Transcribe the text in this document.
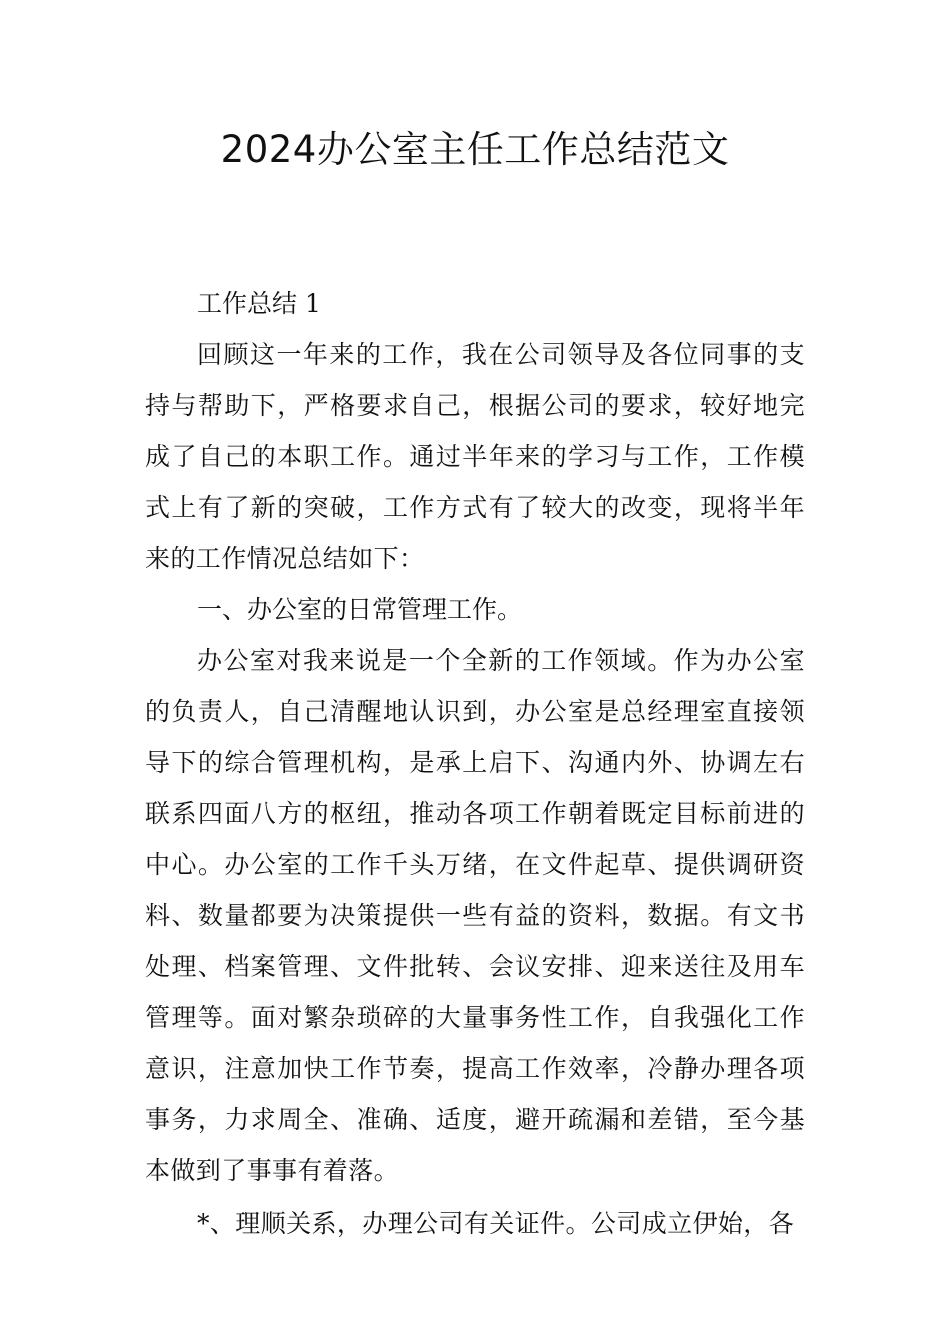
2024办公室主任工作总结范文

工作总结 1

回顾这一年来的工作，我在公司领导及各位同事的支持与帮助下，严格要求自己，根据公司的要求，较好地完成了自己的本职工作。通过半年来的学习与工作，工作模式上有了新的突破，工作方式有了较大的改变，现将半年来的工作情况总结如下：

一、办公室的日常管理工作。

办公室对我来说是一个全新的工作领域。作为办公室的负责人，自己清醒地认识到，办公室是总经理室直接领导下的综合管理机构，是承上启下、沟通内外、协调左右联系四面八方的枢纽，推动各项工作朝着既定目标前进的中心。办公室的工作千头万绪，在文件起草、提供调研资料、数量都要为决策提供一些有益的资料，数据。有文书处理、档案管理、文件批转、会议安排、迎来送往及用车管理等。面对繁杂琐碎的大量事务性工作，自我强化工作意识，注意加快工作节奏，提高工作效率，冷静办理各项事务，力求周全、准确、适度，避开疏漏和差错，至今基本做到了事事有着落。

*、理顺关系，办理公司有关证件。公司成立伊始，各
